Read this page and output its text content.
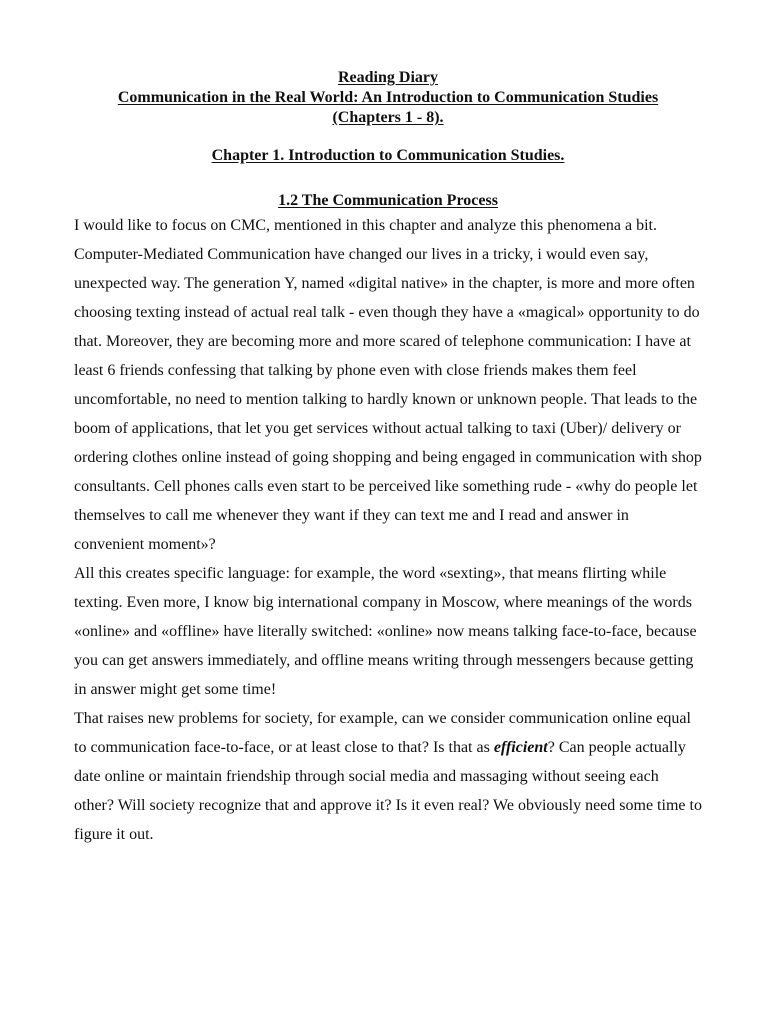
Reading Diary

Communication in the Real World: An Introduction to Communication Studies

(Chapters 1 - 8).

Chapter 1. Introduction to Communication Studies.

1.2 The Communication Process

I would like to focus on CMC, mentioned in this chapter and analyze this phenomena a bit.

Computer-Mediated Communication have changed our lives in a tricky, i would even say, unexpected way. The generation Y, named «digital native» in the chapter, is more and more often choosing texting instead of actual real talk - even though they have a «magical» opportunity to do that. Moreover, they are becoming more and more scared of telephone communication: I have at least 6 friends confessing that talking by phone even with close friends makes them feel uncomfortable, no need to mention talking to hardly known or unknown people. That leads to the boom of applications, that let you get services without actual talking to taxi (Uber)/ delivery or ordering clothes online instead of going shopping and being engaged in communication with shop consultants. Cell phones calls even start to be perceived like something rude - «why do people let themselves to call me whenever they want if they can text me and I read and answer in convenient moment»?

All this creates specific language: for example, the word «sexting», that means flirting while texting. Even more, I know big international company in Moscow, where meanings of the words «online» and «offline» have literally switched: «online» now means talking face-to-face, because you can get answers immediately, and offline means writing through messengers because getting in answer might get some time!

That raises new problems for society, for example, can we consider communication online equal to communication face-to-face, or at least close to that? Is that as efficient? Can people actually date online or maintain friendship through social media and massaging without seeing each other? Will society recognize that and approve it? Is it even real? We obviously need some time to figure it out.
